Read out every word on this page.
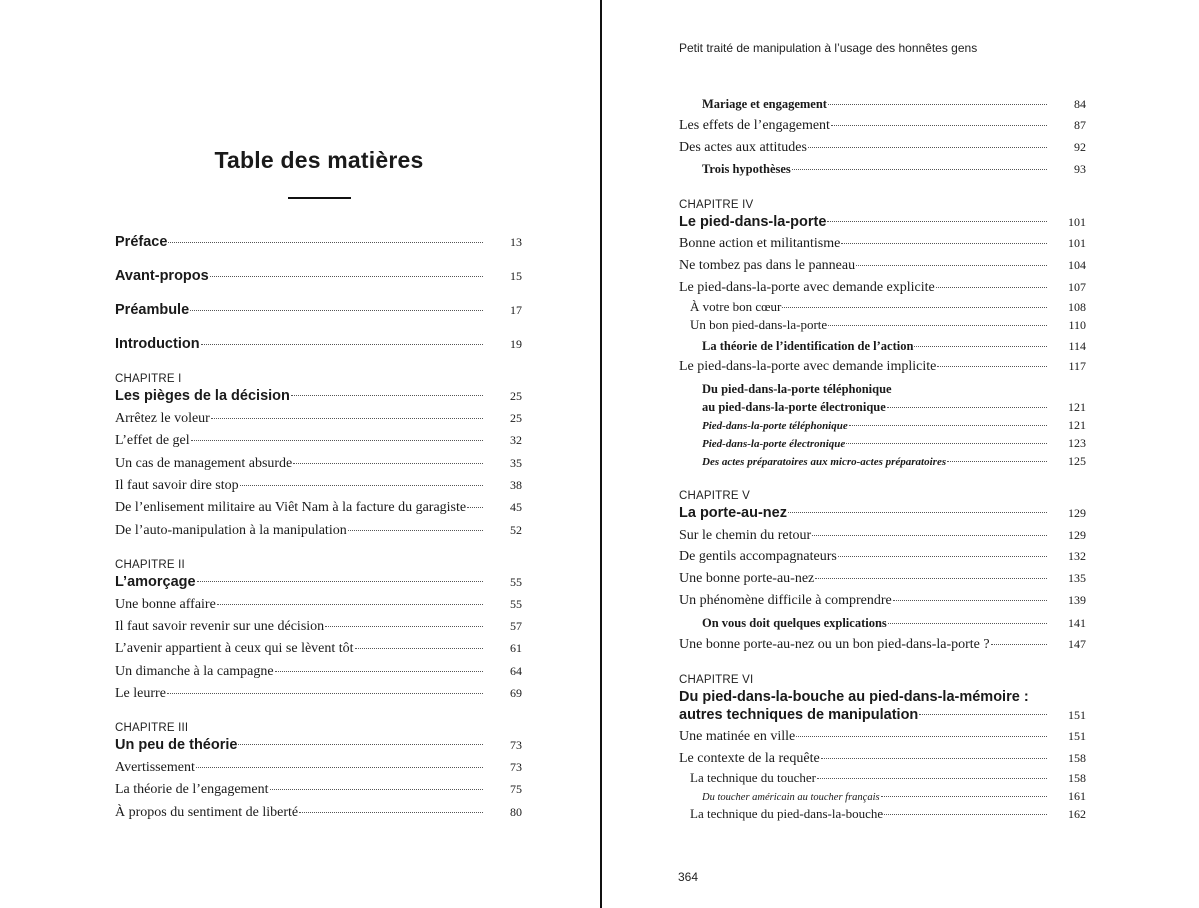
Table des matières
Préface	13
Avant-propos	15
Préambule	17
Introduction	19
CHAPITRE I
Les pièges de la décision	25
Arrêtez le voleur	25
L’effet de gel	32
Un cas de management absurde	35
Il faut savoir dire stop	38
De l’enlisement militaire au Viêt Nam à la facture du garagiste	45
De l’auto-manipulation à la manipulation	52
CHAPITRE II
L’amorçage	55
Une bonne affaire	55
Il faut savoir revenir sur une décision	57
L’avenir appartient à ceux qui se lèvent tôt	61
Un dimanche à la campagne	64
Le leurre	69
CHAPITRE III
Un peu de théorie	73
Avertissement	73
La théorie de l’engagement	75
À propos du sentiment de liberté	80
Petit traité de manipulation à l’usage des honnêtes gens
Mariage et engagement	84
Les effets de l’engagement	87
Des actes aux attitudes	92
Trois hypothèses	93
CHAPITRE IV
Le pied-dans-la-porte	101
Bonne action et militantisme	101
Ne tombez pas dans le panneau	104
Le pied-dans-la-porte avec demande explicite	107
À votre bon cœur	108
Un bon pied-dans-la-porte	110
La théorie de l’identification de l’action	114
Le pied-dans-la-porte avec demande implicite	117
Du pied-dans-la-porte téléphonique
au pied-dans-la-porte électronique	121
Pied-dans-la-porte téléphonique	121
Pied-dans-la-porte électronique	123
Des actes préparatoires aux micro-actes préparatoires	125
CHAPITRE V
La porte-au-nez	129
Sur le chemin du retour	129
De gentils accompagnateurs	132
Une bonne porte-au-nez	135
Un phénomène difficile à comprendre	139
On vous doit quelques explications	141
Une bonne porte-au-nez ou un bon pied-dans-la-porte ?	147
CHAPITRE VI
Du pied-dans-la-bouche au pied-dans-la-mémoire :
autres techniques de manipulation	151
Une matinée en ville	151
Le contexte de la requête	158
La technique du toucher	158
Du toucher américain au toucher français	161
La technique du pied-dans-la-bouche	162
364
